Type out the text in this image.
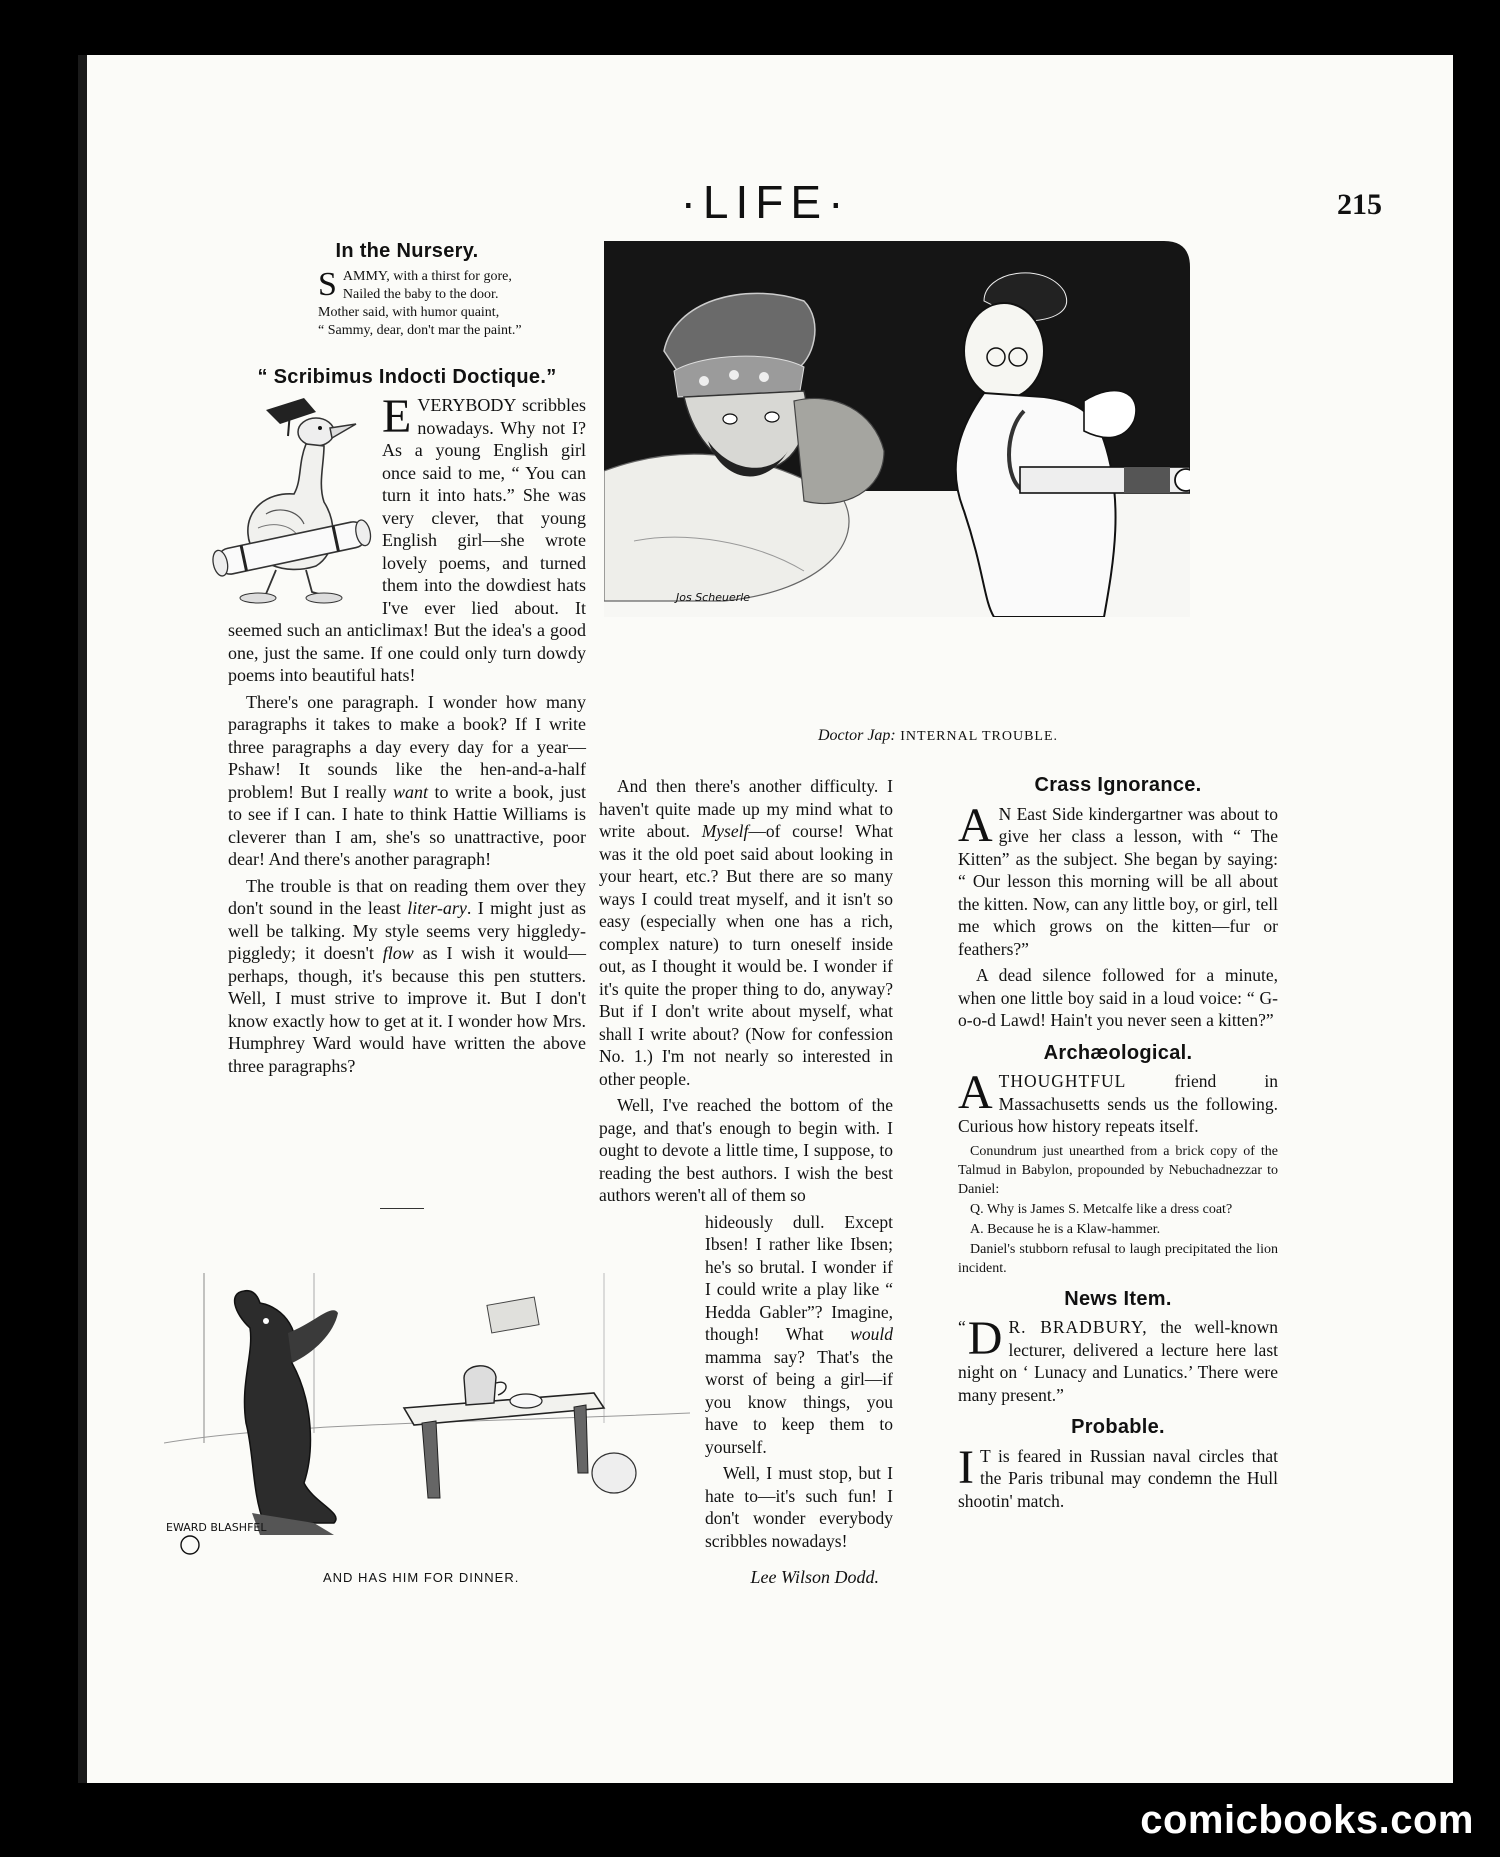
·LIFE·	215
In the Nursery.
SAMMY, with a thirst for gore,
Nailed the baby to the door.
Mother said, with humor quaint,
“ Sammy, dear, don't mar the paint.”
“ Scribimus Indocti Doctique.”

EVERYBODY scribbles nowadays. Why not I? As a young English girl once said to me, “ You can turn it into hats.” She was very clever, that young English girl—she wrote lovely poems, and turned them into the dowdiest hats I've ever lied about. It seemed such an anticlimax! But the idea's a good one, just the same. If one could only turn dowdy poems into beautiful hats!

There's one paragraph. I wonder how many paragraphs it takes to make a book? If I write three paragraphs a day every day for a year—Pshaw! It sounds like the hen-and-a-half problem! But I really want to write a book, just to see if I can. I hate to think Hattie Williams is cleverer than I am, she's so unattractive, poor dear! And there's another paragraph!

The trouble is that on reading them over they don't sound in the least liter-ary. I might just as well be talking. My style seems very higgledy-piggledy; it doesn't flow as I wish it would—perhaps, though, it's because this pen stutters. Well, I must strive to improve it. But I don't know exactly how to get at it. I wonder how Mrs. Humphrey Ward would have written the above three paragraphs?

Jos Scheuerle
Doctor Jap: INTERNAL TROUBLE.

And then there's another difficulty. I haven't quite made up my mind what to write about. Myself—of course! What was it the old poet said about looking in your heart, etc.? But there are so many ways I could treat myself, and it isn't so easy (especially when one has a rich, complex nature) to turn oneself inside out, as I thought it would be. I wonder if it's quite the proper thing to do, anyway? But if I don't write about myself, what shall I write about? (Now for confession No. 1.) I'm not nearly so interested in other people.

Well, I've reached the bottom of the page, and that's enough to begin with. I ought to devote a little time, I suppose, to reading the best authors. I wish the best authors weren't all of them so

hideously dull. Except Ibsen! I rather like Ibsen; he's so brutal. I wonder if I could write a play like “ Hedda Gabler”? Imagine, though! What would mamma say? That's the worst of being a girl—if you know things, you have to keep them to yourself.

Well, I must stop, but I hate to—it's such fun! I don't wonder everybody scribbles nowadays!

Lee Wilson Dodd.
EWARD BLASHFEL
AND HAS HIM FOR DINNER.
Crass Ignorance.

A N East Side kindergartner was about to give her class a lesson, with “ The Kitten” as the subject. She began by saying: “ Our lesson this morning will be all about the kitten. Now, can any little boy, or girl, tell me which grows on the kitten—fur or feathers?”

A dead silence followed for a minute, when one little boy said in a loud voice: “ G-o-o-d Lawd! Hain't you never seen a kitten?”

Archæological.

ATHOUGHTFUL friend in Massachusetts sends us the following. Curious how history repeats itself.

Conundrum just unearthed from a brick copy of the Talmud in Babylon, propounded by Nebuchadnezzar to Daniel:

Q. Why is James S. Metcalfe like a dress coat?

A. Because he is a Klaw-hammer.

Daniel's stubborn refusal to laugh precipitated the lion incident.

News Item.

“ D R. BRADBURY, the well-known lecturer, delivered a lecture here last night on ‘ Lunacy and Lunatics.’ There were many present.”

Probable.

I T is feared in Russian naval circles that the Paris tribunal may condemn the Hull shootin' match.

comicbooks.com
